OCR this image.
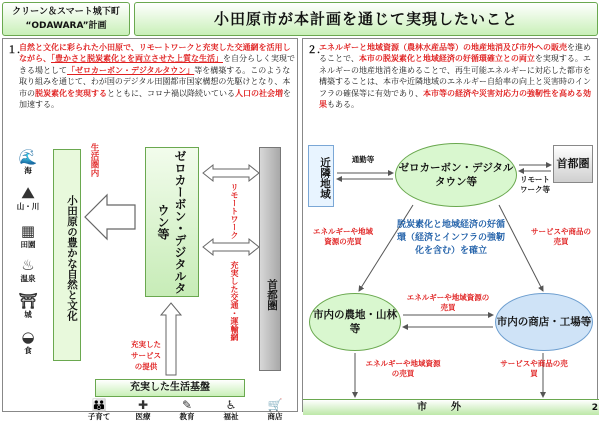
クリーン＆スマート城下町
“ODAWARA”計画	小田原市が本計画を通じて実現したいこと
１．
自然と文化に彩られた小田原で、リモートワークと充実した交通網を活用しながら、「豊かさと脱炭素化とを両立させた上質な生活」を自分らしく実現できる場として「ゼロカーボン・デジタルタウン」等を構築する。このような取り組みを通じて、わが国のデジタル田園都市国家構想の先駆けとなり、本市の脱炭素化を実現するとともに、コロナ禍以降続いている人口の社会増を加速する。
🌊
海
⛰
山・川
▦
田園
♨
温泉
⛩
城
◒
食
小田原の豊かな自然と文化
生活圏内	ゼロカーボン・デジタルタウン等	リモートワーク
充実した交通・運輸網	首都圏
充実した
サービス
の提供
充実した生活基盤
👪
子育て
✚
医療
✎
教育
♿
福祉
🛒
商店
２．
エネルギーと地域資源（農林水産品等）の地産地消及び市外への販売を進めることで、本市の脱炭素化と地域経済の好循環確立との両立を実現する。エネルギーの地産地消を進めることで、再生可能エネルギーに対応した都市を構築することは、本市や近隣地域のエネルギー自給率の向上と災害時のインフラの確保等に有効であり、本市等の経済や災害対応力の強靭性を高める効果もある。
近隣地域	通勤等
ゼロカーボン・デジタルタウン等	リモートワーク等
首都圏
エネルギーや地域資源の売買
サービスや商品の売買
脱炭素化と地域経済の好循環（経済とインフラの強靭化を含む）を確立
市内の農地・山林等
エネルギーや地域資源の売買
市内の商店・工場等
エネルギーや地域資源の売買
サービスや商品の売買
市外	2
